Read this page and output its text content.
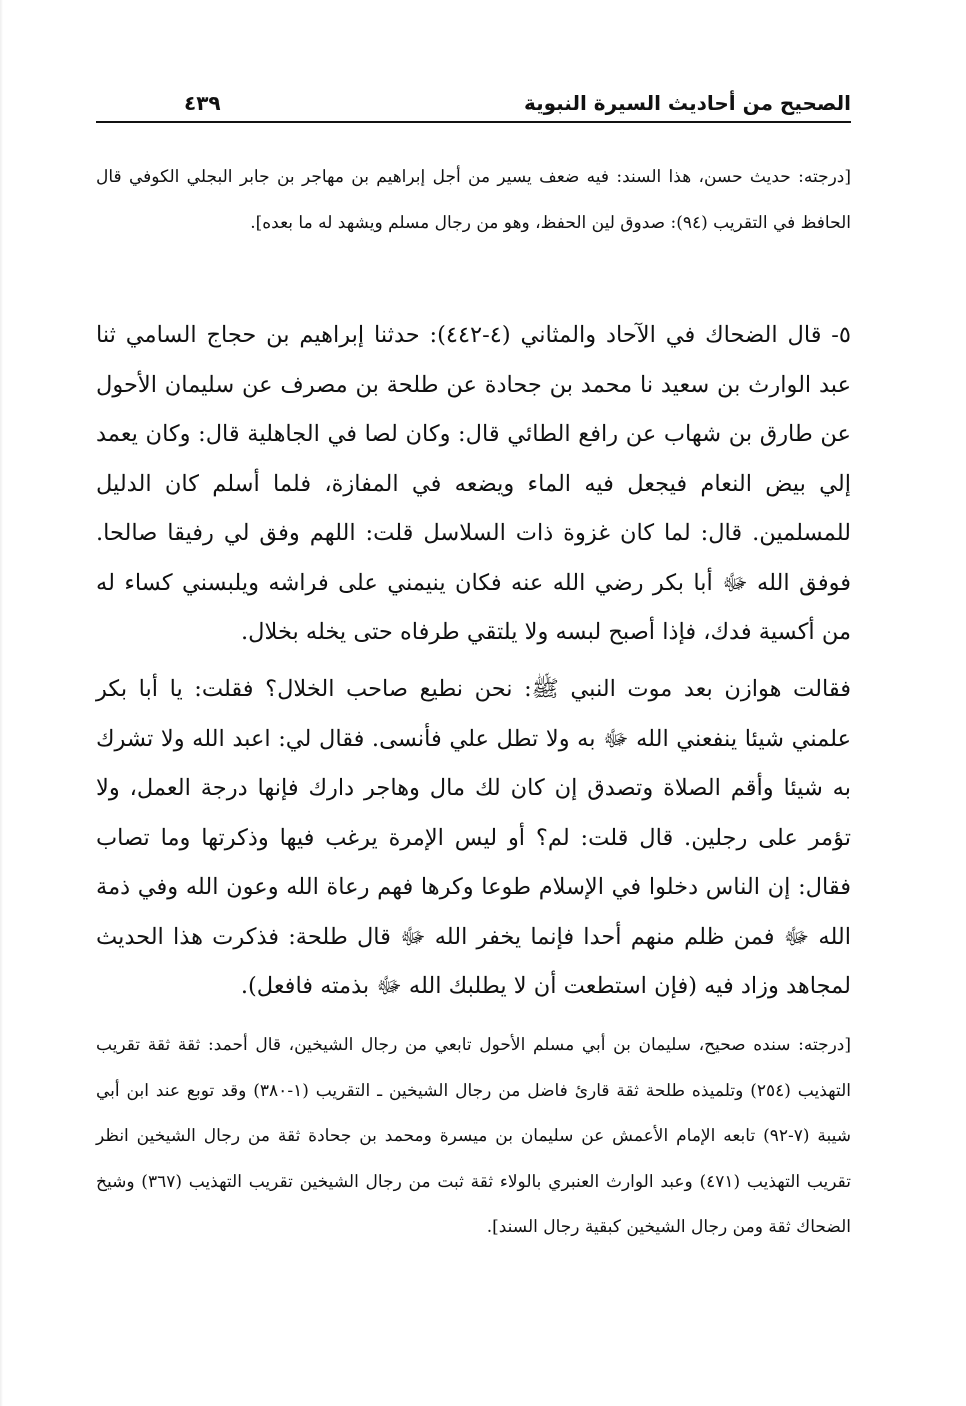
الصحيح من أحاديث السيرة النبوية
٤٣٩

[درجته: حديث حسن، هذا السند: فيه ضعف يسير من أجل إبراهيم بن مهاجر بن جابر البجلي الكوفي قال الحافظ في التقريب (٩٤): صدوق لين الحفظ، وهو من رجال مسلم ويشهد له ما بعده].

٥- قال الضحاك في الآحاد والمثاني (٤-٤٤٢): حدثنا إبراهيم بن حجاج السامي ثنا عبد الوارث بن سعيد نا محمد بن جحادة عن طلحة بن مصرف عن سليمان الأحول عن طارق بن شهاب عن رافع الطائي قال: وكان لصا في الجاهلية قال: وكان يعمد إلي بيض النعام فيجعل فيه الماء ويضعه في المفازة، فلما أسلم كان الدليل للمسلمين. قال: لما كان غزوة ذات السلاسل قلت: اللهم وفق لي رفيقا صالحا. فوفق الله ﷻ أبا بكر رضي الله عنه فكان ينيمني على فراشه ويلبسني كساء له من أكسية فدك، فإذا أصبح لبسه ولا يلتقي طرفاه حتى يخله بخلال.

فقالت هوازن بعد موت النبي ﷺ: نحن نطيع صاحب الخلال؟ فقلت: يا أبا بكر علمني شيئا ينفعني الله ﷻ به ولا تطل علي فأنسى. فقال لي: اعبد الله ولا تشرك به شيئا وأقم الصلاة وتصدق إن كان لك مال وهاجر دارك فإنها درجة العمل، ولا تؤمر على رجلين. قال قلت: لم؟ أو ليس الإمرة يرغب فيها وذكرتها وما تصاب فقال: إن الناس دخلوا في الإسلام طوعا وكرها فهم رعاة الله وعون الله وفي ذمة الله ﷻ فمن ظلم منهم أحدا فإنما يخفر الله ﷻ قال طلحة: فذكرت هذا الحديث لمجاهد وزاد فيه (فإن استطعت أن لا يطلبك الله ﷻ بذمته فافعل).

[درجته: سنده صحيح، سليمان بن أبي مسلم الأحول تابعي من رجال الشيخين، قال أحمد: ثقة ثقة تقريب التهذيب (٢٥٤) وتلميذه طلحة ثقة قارئ فاضل من رجال الشيخين ـ التقريب (١-٣٨٠) وقد توبع عند ابن أبي شيبة (٧-٩٢) تابعه الإمام الأعمش عن سليمان بن ميسرة ومحمد بن جحادة ثقة من رجال الشيخين انظر تقريب التهذيب (٤٧١) وعبد الوارث العنبري بالولاء ثقة ثبت من رجال الشيخين تقريب التهذيب (٣٦٧) وشيخ الضحاك ثقة ومن رجال الشيخين كبقية رجال السند].
